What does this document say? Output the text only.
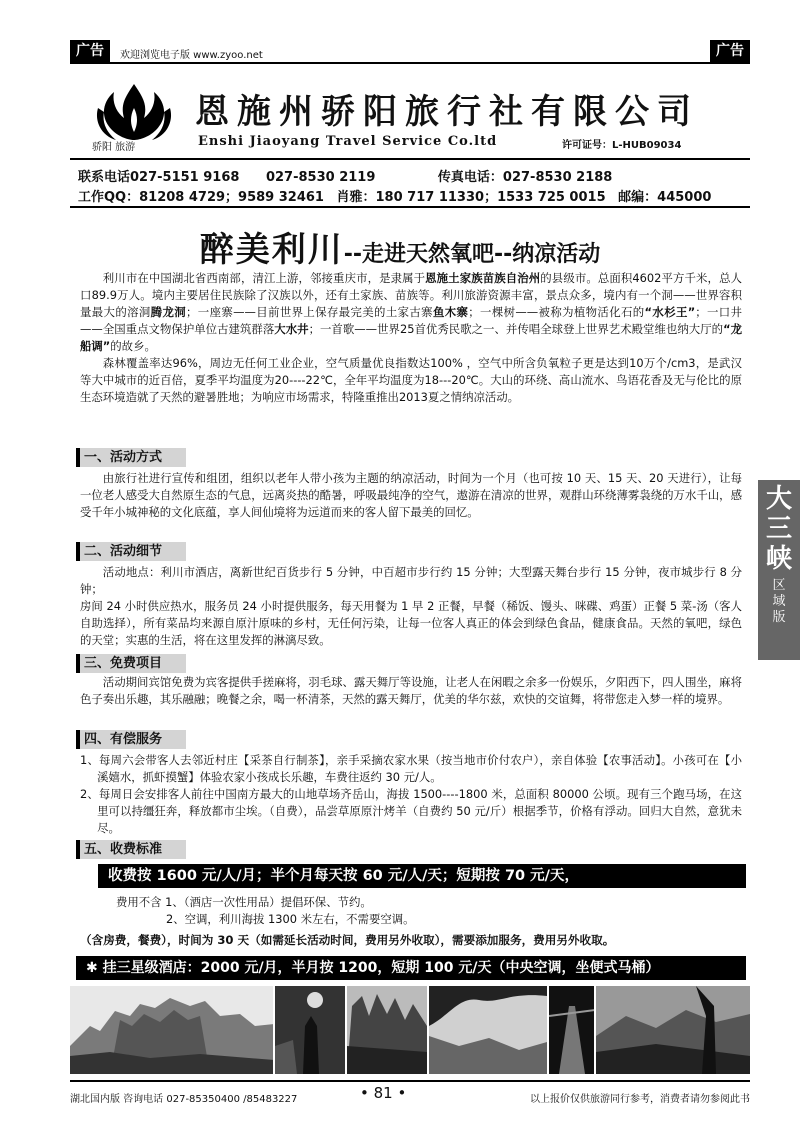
广告	欢迎浏览电子版 www.zyoo.net	广告
骄阳 旅游
恩施州骄阳旅行社有限公司
Enshi Jiaoyang Travel Service Co.ltd	许可证号：L-HUB09034
联系电话027-5151 9168 027-8530 2119	传真电话：027-8530 2188
工作QQ：81208 4729；9589 32461 肖雅：180 717 11330；1533 725 0015 邮编：445000
醉美利川--走进天然氧吧--纳凉活动

利川市在中国湖北省西南部，清江上游，邻接重庆市，是隶属于恩施土家族苗族自治州的县级市。总面积4602平方千米，总人口89.9万人。境内主要居住民族除了汉族以外，还有土家族、苗族等。利川旅游资源丰富，景点众多，境内有一个洞——世界容积量最大的溶洞腾龙洞；一座寨——目前世界上保存最完美的土家古寨鱼木寨；一棵树——被称为植物活化石的“水杉王”；一口井——全国重点文物保护单位古建筑群落大水井；一首歌——世界25首优秀民歌之一、并传唱全球登上世界艺术殿堂维也纳大厅的“龙船调”的故乡。

森林覆盖率达96%，周边无任何工业企业，空气质量优良指数达100% ，空气中所含负氧粒子更是达到10万个/cm3，是武汉等大中城市的近百倍，夏季平均温度为20----22℃，全年平均温度为18---20℃。大山的环绕、高山流水、鸟语花香及无与伦比的原生态环境造就了天然的避暑胜地；为响应市场需求，特隆重推出2013夏之情纳凉活动。

一、活动方式

由旅行社进行宣传和组团，组织以老年人带小孩为主题的纳凉活动，时间为一个月（也可按 10 天、15 天、20 天进行），让每一位老人感受大自然原生态的气息，远离炎热的酷暑，呼吸最纯净的空气，遨游在清凉的世界，观群山环绕薄雾袅绕的万水千山，感受千年小城神秘的文化底蕴，享人间仙境将为远道而来的客人留下最美的回忆。

二、活动细节

活动地点：利川市酒店，离新世纪百货步行 5 分钟，中百超市步行约 15 分钟；大型露天舞台步行 15 分钟，夜市城步行 8 分钟；

房间 24 小时供应热水，服务员 24 小时提供服务，每天用餐为 1 早 2 正餐，早餐（稀饭、馒头、咪碟、鸡蛋）正餐 5 菜-汤（客人自助选择），所有菜品均来源自原汁原味的乡村，无任何污染，让每一位客人真正的体会到绿色食品，健康食品。天然的氧吧，绿色的天堂；实惠的生活，将在这里发挥的淋漓尽致。
三、免费项目

活动期间宾馆免费为宾客提供手搓麻将，羽毛球、露天舞厅等设施，让老人在闲暇之余多一份娱乐，夕阳西下，四人围坐，麻将色子奏出乐趣，其乐融融；晚餐之余，喝一杯清茶，天然的露天舞厅，优美的华尔兹，欢快的交谊舞，将带您走入梦一样的境界。

四、有偿服务
1、每周六会带客人去邻近村庄【采茶自行制茶】，亲手采摘农家水果（按当地市价付农户），亲自体验【农事活动】。小孩可在【小溪嬉水，抓虾摸蟹】体验农家小孩成长乐趣，车费往返约 30 元/人。
2、每周日会安排客人前往中国南方最大的山地草场齐岳山，海拔 1500----1800 米，总面积 80000 公顷。现有三个跑马场，在这里可以持缰狂奔，释放都市尘埃。（自费），品尝草原原汁烤羊（自费约 50 元/斤）根据季节，价格有浮动。回归大自然，意犹未尽。
五、收费标准
收费按 1600 元/人/月；半个月每天按 60 元/人/天；短期按 70 元/天，
费用不含 1、（酒店一次性用品）提倡环保、节约。
2、空调，利川海拔 1300 米左右，不需要空调。
（含房费，餐费），时间为 30 天（如需延长活动时间，费用另外收取），需要添加服务，费用另外收取。
✱ 挂三星级酒店：2000 元/月，半月按 1200，短期 100 元/天（中央空调，坐便式马桶）
大三峡
区域版
湖北国内版 咨询电话 027-85350400 /85483227	• 81 •	以上报价仅供旅游同行参考，消费者请勿参阅此书
